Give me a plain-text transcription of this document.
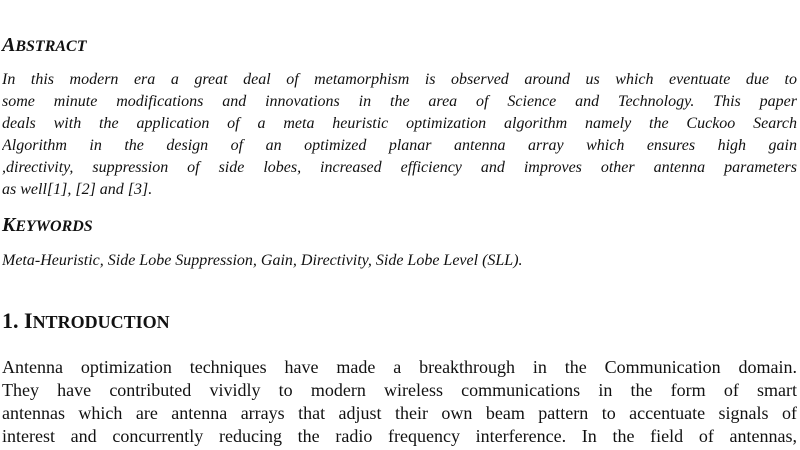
ABSTRACT
In this modern era a great deal of metamorphism is observed around us which eventuate due to
some minute modifications and innovations in the area of Science and Technology. This paper
deals with the application of a meta heuristic optimization algorithm namely the Cuckoo Search
Algorithm in the design of an optimized planar antenna array which ensures high gain
,directivity, suppression of side lobes, increased efficiency and improves other antenna parameters
as well[1], [2] and [3].
KEYWORDS
Meta-Heuristic, Side Lobe Suppression, Gain, Directivity, Side Lobe Level (SLL).
1. INTRODUCTION
Antenna optimization techniques have made a breakthrough in the Communication domain.
They have contributed vividly to modern wireless communications in the form of smart
antennas which are antenna arrays that adjust their own beam pattern to accentuate signals of
interest and concurrently reducing the radio frequency interference. In the field of antennas,
